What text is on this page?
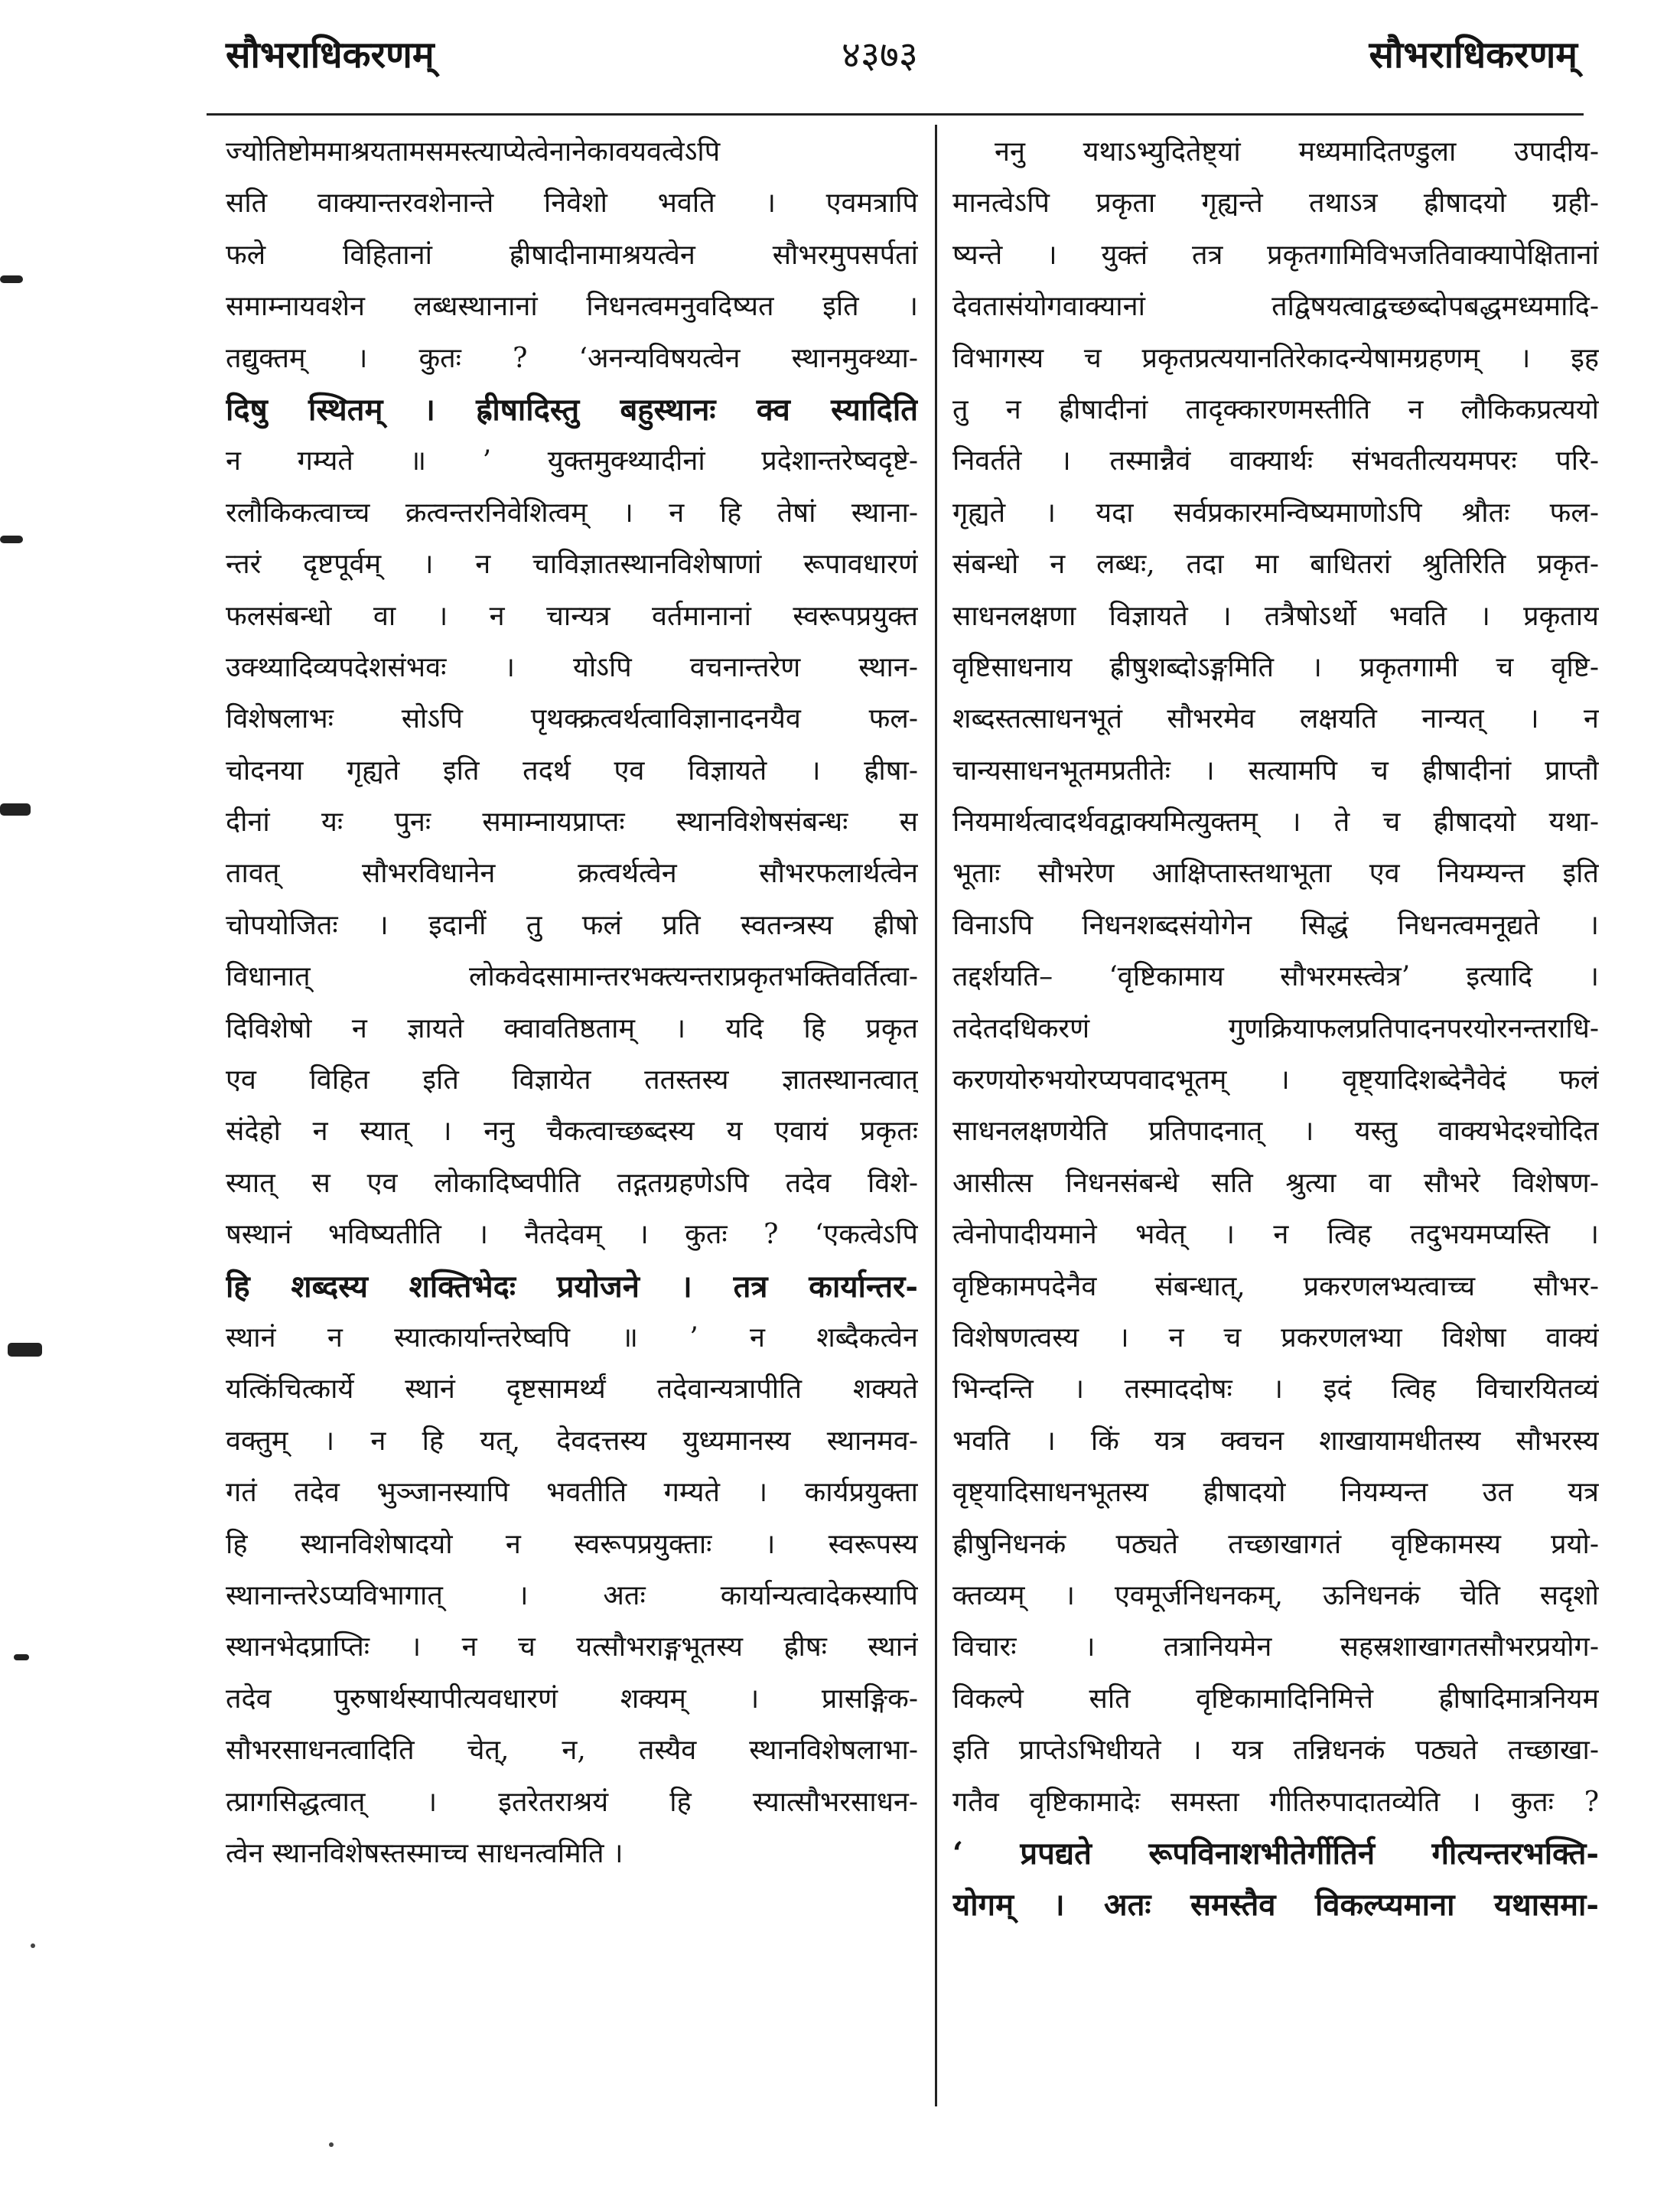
सौभराधिकरणम्	४३७३	सौभराधिकरणम्
ज्योतिष्टोममाश्रयतामसमस्त्याप्येत्वेनानेकावयवत्वेऽपि
सति वाक्यान्तरवशेनान्ते निवेशो भवति । एवमत्रापि
फले विहितानां ह्रीषादीनामाश्रयत्वेन सौभरमुपसर्पतां
समाम्नायवशेन लब्धस्थानानां निधनत्वमनुवदिष्यत इति ।
तद्युक्तम् । कुतः ? ‘अनन्यविषयत्वेन स्थानमुक्थ्या-
दिषु स्थितम् । ह्रीषादिस्तु बहुस्थानः क्व स्यादिति
न गम्यते ॥ ’ युक्तमुक्थ्यादीनां प्रदेशान्तरेष्वदृष्टे-
रलौकिकत्वाच्च क्रत्वन्तरनिवेशित्वम् । न हि तेषां स्थाना-
न्तरं दृष्टपूर्वम् । न चाविज्ञातस्थानविशेषाणां रूपावधारणं
फलसंबन्धो वा । न चान्यत्र वर्तमानानां स्वरूपप्रयुक्त
उक्थ्यादिव्यपदेशसंभवः । योऽपि वचनान्तरेण स्थान-
विशेषलाभः सोऽपि पृथक्क्रत्वर्थत्वाविज्ञानादनयैव फल-
चोदनया गृह्यते इति तदर्थ एव विज्ञायते । ह्रीषा-
दीनां यः पुनः समाम्नायप्राप्तः स्थानविशेषसंबन्धः स
तावत् सौभरविधानेन क्रत्वर्थत्वेन सौभरफलार्थत्वेन
चोपयोजितः । इदानीं तु फलं प्रति स्वतन्त्रस्य ह्रीषो
विधानात् लोकवेदसामान्तरभक्त्यन्तराप्रकृतभक्तिवर्तित्वा-
दिविशेषो न ज्ञायते क्वावतिष्ठताम् । यदि हि प्रकृत
एव विहित इति विज्ञायेत ततस्तस्य ज्ञातस्थानत्वात्
संदेहो न स्यात् । ननु चैकत्वाच्छब्दस्य य एवायं प्रकृतः
स्यात् स एव लोकादिष्वपीति तद्गतग्रहणेऽपि तदेव विशे-
षस्थानं भविष्यतीति । नैतदेवम् । कुतः ? ‘एकत्वेऽपि
हि शब्दस्य शक्तिभेदः प्रयोजने । तत्र कार्यान्तर-
स्थानं न स्यात्कार्यान्तरेष्वपि ॥ ’ न शब्दैकत्वेन
यत्किंचित्कार्ये स्थानं दृष्टसामर्थ्यं तदेवान्यत्रापीति शक्यते
वक्तुम् । न हि यत्, देवदत्तस्य युध्यमानस्य स्थानमव-
गतं तदेव भुञ्जानस्यापि भवतीति गम्यते । कार्यप्रयुक्ता
हि स्थानविशेषादयो न स्वरूपप्रयुक्ताः । स्वरूपस्य
स्थानान्तरेऽप्यविभागात् । अतः कार्यान्यत्वादेकस्यापि
स्थानभेदप्राप्तिः । न च यत्सौभराङ्गभूतस्य ह्रीषः स्थानं
तदेव पुरुषार्थस्यापीत्यवधारणं शक्यम् । प्रासङ्गिक-
सौभरसाधनत्वादिति चेत्, न, तस्यैव स्थानविशेषलाभा-
त्प्रागसिद्धत्वात् । इतरेतराश्रयं हि स्यात्सौभरसाधन-
त्वेन स्थानविशेषस्तस्माच्च साधनत्वमिति ।
ननु यथाऽभ्युदितेष्ट्यां मध्यमादितण्डुला उपादीय-
मानत्वेऽपि प्रकृता गृह्यन्ते तथाऽत्र ह्रीषादयो ग्रही-
ष्यन्ते । युक्तं तत्र प्रकृतगामिविभजतिवाक्यापेक्षितानां
देवतासंयोगवाक्यानां तद्विषयत्वाद्वच्छब्दोपबद्धमध्यमादि-
विभागस्य च प्रकृतप्रत्ययानतिरेकादन्येषामग्रहणम् । इह
तु न ह्रीषादीनां तादृक्कारणमस्तीति न लौकिकप्रत्ययो
निवर्तते । तस्मान्नैवं वाक्यार्थः संभवतीत्ययमपरः परि-
गृह्यते । यदा सर्वप्रकारमन्विष्यमाणोऽपि श्रौतः फल-
संबन्धो न लब्धः, तदा मा बाधितरां श्रुतिरिति प्रकृत-
साधनलक्षणा विज्ञायते । तत्रैषोऽर्थो भवति । प्रकृताय
वृष्टिसाधनाय ह्रीषुशब्दोऽङ्गमिति । प्रकृतगामी च वृष्टि-
शब्दस्तत्साधनभूतं सौभरमेव लक्षयति नान्यत् । न
चान्यसाधनभूतमप्रतीतेः । सत्यामपि च ह्रीषादीनां प्राप्तौ
नियमार्थत्वादर्थवद्वाक्यमित्युक्तम् । ते च ह्रीषादयो यथा-
भूताः सौभरेण आक्षिप्तास्तथाभूता एव नियम्यन्त इति
विनाऽपि निधनशब्दसंयोगेन सिद्धं निधनत्वमनूद्यते ।
तद्दर्शयति– ‘वृष्टिकामाय सौभरमस्त्वेत्र’ इत्यादि ।
तदेतदधिकरणं गुणक्रियाफलप्रतिपादनपरयोरनन्तराधि-
करणयोरुभयोरप्यपवादभूतम् । वृष्ट्यादिशब्देनैवेदं फलं
साधनलक्षणयेति प्रतिपादनात् । यस्तु वाक्यभेदश्चोदित
आसीत्स निधनसंबन्धे सति श्रुत्या वा सौभरे विशेषण-
त्वेनोपादीयमाने भवेत् । न त्विह तदुभयमप्यस्ति ।
वृष्टिकामपदेनैव संबन्धात्, प्रकरणलभ्यत्वाच्च सौभर-
विशेषणत्वस्य । न च प्रकरणलभ्या विशेषा वाक्यं
भिन्दन्ति । तस्माददोषः । इदं त्विह विचारयितव्यं
भवति । किं यत्र क्वचन शाखायामधीतस्य सौभरस्य
वृष्ट्यादिसाधनभूतस्य ह्रीषादयो नियम्यन्त उत यत्र
ह्रीषुनिधनकं पठ्यते तच्छाखागतं वृष्टिकामस्य प्रयो-
क्तव्यम् । एवमूर्जनिधनकम्, ऊनिधनकं चेति सदृशो
विचारः । तत्रानियमेन सहस्रशाखागतसौभरप्रयोग-
विकल्पे सति वृष्टिकामादिनिमित्ते ह्रीषादिमात्रनियम
इति प्राप्तेऽभिधीयते । यत्र तन्निधनकं पठ्यते तच्छाखा-
गतैव वृष्टिकामादेः समस्ता गीतिरुपादातव्येति । कुतः ?
‘ प्रपद्यते रूपविनाशभीतेर्गीतिर्न गीत्यन्तरभक्ति-
योगम् । अतः समस्तैव विकल्प्यमाना यथासमा-
